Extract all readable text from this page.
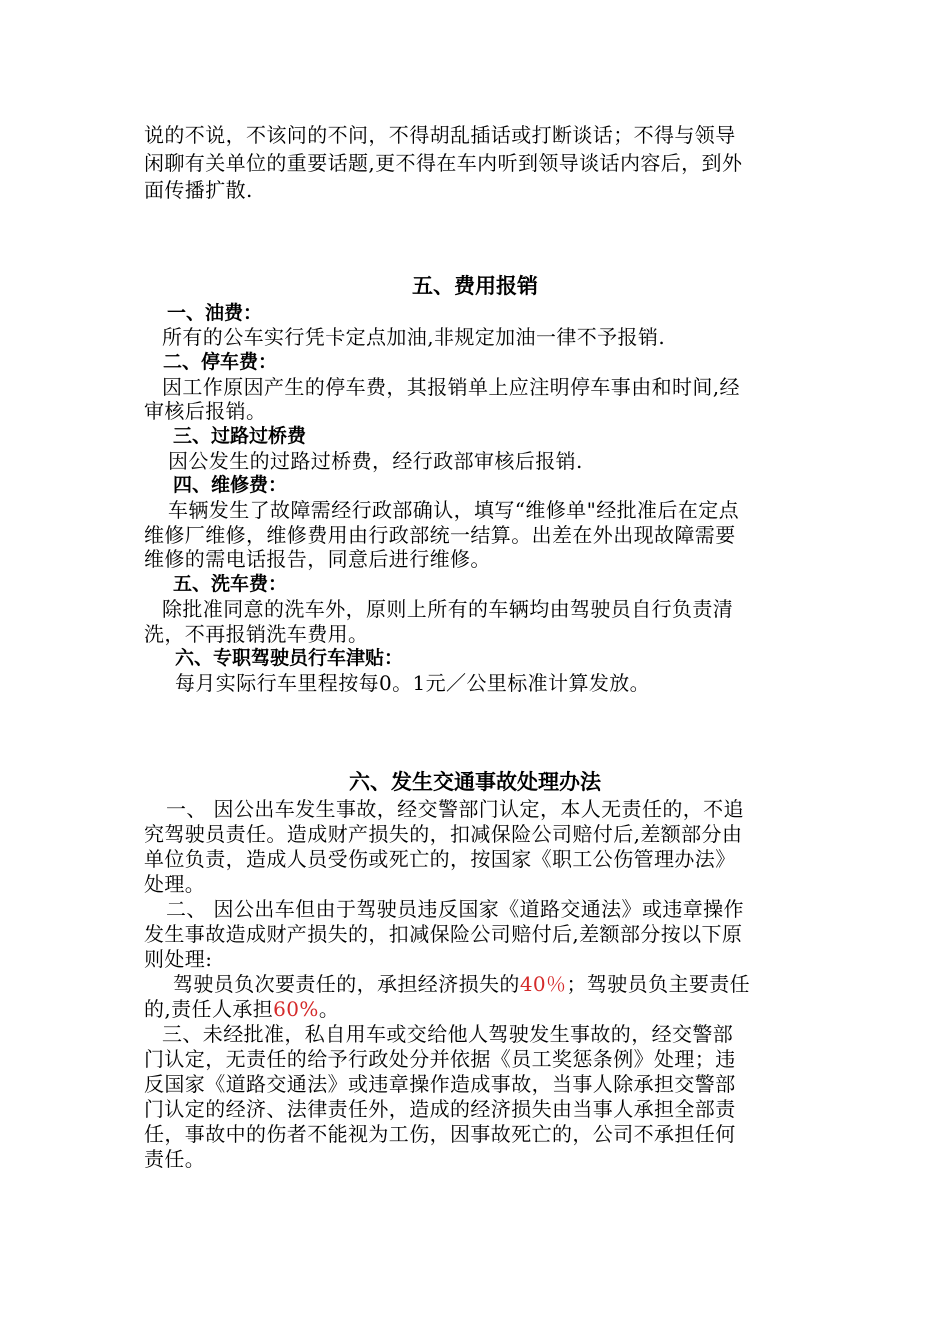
说的不说，不该问的不问，不得胡乱插话或打断谈话；不得与领导
闲聊有关单位的重要话题,更不得在车内听到领导谈话内容后，到外
面传播扩散.
五、费用报销
一、油费：
所有的公车实行凭卡定点加油,非规定加油一律不予报销.
二、停车费：
因工作原因产生的停车费，其报销单上应注明停车事由和时间,经
审核后报销。
三、过路过桥费
因公发生的过路过桥费，经行政部审核后报销.
四、维修费：
车辆发生了故障需经行政部确认，填写“维修单"经批准后在定点
维修厂维修，维修费用由行政部统一结算。出差在外出现故障需要
维修的需电话报告，同意后进行维修。
五、洗车费：
除批准同意的洗车外，原则上所有的车辆均由驾驶员自行负责清
洗，不再报销洗车费用。
六、专职驾驶员行车津贴：
每月实际行车里程按每0。1元／公里标准计算发放。
六、发生交通事故处理办法
一、 因公出车发生事故，经交警部门认定，本人无责任的，不追
究驾驶员责任。造成财产损失的，扣减保险公司赔付后,差额部分由
单位负责，造成人员受伤或死亡的，按国家《职工公伤管理办法》
处理。
二、 因公出车但由于驾驶员违反国家《道路交通法》或违章操作
发生事故造成财产损失的，扣减保险公司赔付后,差额部分按以下原
则处理:
驾驶员负次要责任的，承担经济损失的40％；驾驶员负主要责任
的,责任人承担60%。
三、未经批准，私自用车或交给他人驾驶发生事故的，经交警部
门认定，无责任的给予行政处分并依据《员工奖惩条例》处理；违
反国家《道路交通法》或违章操作造成事故，当事人除承担交警部
门认定的经济、法律责任外，造成的经济损失由当事人承担全部责
任，事故中的伤者不能视为工伤，因事故死亡的，公司不承担任何
责任。
